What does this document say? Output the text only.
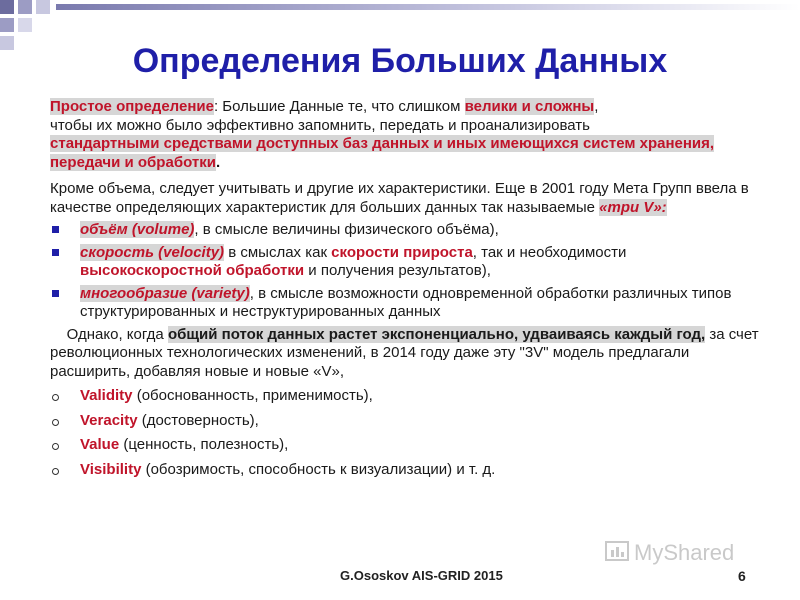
Определения Больших Данных

Простое определение: Большие Данные те, что слишком велики и сложны,
чтобы их можно было эффективно запомнить, передать и проанализировать
стандартными средствами доступных баз данных и иных имеющихся систем хранения, передачи и обработки.

Кроме объема, следует учитывать и другие их характеристики. Еще в 2001 году Мета Групп ввела в качестве определяющих характеристик для больших данных так называемые «три V»:

объём (volume), в смысле величины физического объёма),
скорость (velocity) в смыслах как скорости прироста, так и необходимости высокоскоростной обработки и получения результатов),
многообразие (variety), в смысле возможности одновременной обработки различных типов структурированных и неструктурированных данных

Однако, когда общий поток данных растет экспоненциально, удваиваясь каждый год, за счет революционных технологических изменений, в 2014 году даже эту "3V" модель предлагали расширить, добавляя новые и новые «V»,

Validity (обоснованность, применимость),
Veracity (достоверность),
Value (ценность, полезность),
Visibility (обозримость, способность к визуализации) и т. д.
MyShared
G.Ososkov AIS-GRID 2015	6
